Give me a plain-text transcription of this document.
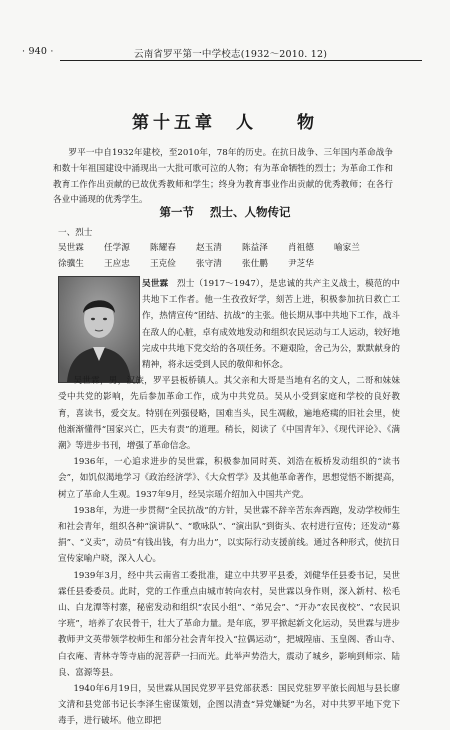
· 940 ·	云南省罗平第一中学校志(1932～2010. 12)
第十五章 人 物

罗平一中自1932年建校，至2010年，78年的历史。在抗日战争、三年国内革命战争和数十年祖国建设中涌现出一大批可歌可泣的人物；有为革命牺牲的烈士；为革命工作和教育工作作出贡献的已故优秀教师和学生；终身为教育事业作出贡献的优秀教师；在各行各业中涌现的优秀学生。

第一节 烈士、人物传记
一、烈士
吴世霖	任学源	陈耀春	赵玉清	陈益泽	肖祖德	喻家兰
徐骥生	王应忠	王克俭	张守清	张仕鹏	尹芝华

吴世霖　 烈士（1917～1947），是忠诚的共产主义战士，模范的中共地下工作者。他一生孜孜好学，刻苦上进，积极参加抗日救亡工作，热情宣传“团结、抗战”的主张。他长期从事中共地下工作，战斗在敌人的心脏，卓有成效地发动和组织农民运动与工人运动，较好地完成中共地下党交给的各项任务。不避艰险，舍己为公，默默献身的精神，将永远受到人民的敬仰和怀念。

吴世霖，男，汉族，罗平县板桥镇人。其父亲和大哥是当地有名的文人，二哥和妹妹受中共党的影响，先后参加革命工作，成为中共党员。吴从小受到家庭和学校的良好教育，喜读书，爱交友。特别在列强侵略，国难当头，民生凋敝，遍地疮痍的旧社会里，使他渐渐懂得“国家兴亡，匹夫有责”的道理。稍长，阅读了《中国青年》、《现代评论》、《满潮》等进步书刊，增强了革命信念。

1936年，一心追求进步的吴世霖，积极参加同时英、刘浩在板桥发动组织的“读书会”，如饥似渴地学习《政治经济学》、《大众哲学》及其他革命著作，思想觉悟不断提高，树立了革命人生观。1937年9月，经吴宗瑶介绍加入中国共产党。

1938年，为进一步贯彻“全民抗战”的方针，吴世霖不辞辛苦东奔西跑，发动学校师生和社会青年，组织各种“演讲队”、“歌咏队”、“演出队”到街头、农村进行宣传；还发动“募捐”、“义卖”，动员“有钱出钱，有力出力”，以实际行动支援前线。通过各种形式，使抗日宣传家喻户晓，深入人心。

1939年3月，经中共云南省工委批准，建立中共罗平县委，刘健华任县委书记，吴世霖任县委委员。此时，党的工作重点由城市转向农村，吴世霖以身作则，深入新村、松毛山、白龙潭等村寨，秘密发动和组织“农民小组”、“弟兄会”、“开办”农民夜校”、“农民识字班”，培养了农民骨干，壮大了革命力量。是年底，罗平掀起新文化运动，吴世霖与进步教师尹文英带领学校师生和部分社会青年投入“拉偶运动”，把城隍庙、玉皇阁、香山寺、白衣庵、青林寺等寺庙的泥菩萨一扫而光。此举声势浩大，震动了城乡，影响到师宗、陆良、富源等县。

1940年6月19日，吴世霖从国民党罗平县党部获悉：国民党驻罗平旅长阎旭与县长廖文清和县党部书记长李泽生密谋策划，企图以清查“异党嫌疑”为名，对中共罗平地下党下毒手，进行破坏。他立即把
